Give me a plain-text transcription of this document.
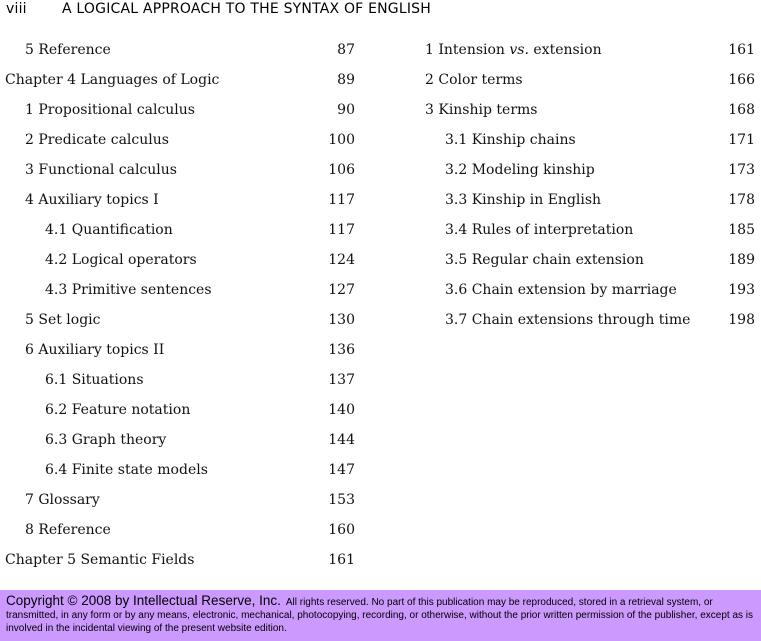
viii	A LOGICAL APPROACH TO THE SYNTAX OF ENGLISH
5 Reference	87
Chapter 4 Languages of Logic	89
1 Propositional calculus	90
2 Predicate calculus	100
3 Functional calculus	106
4 Auxiliary topics I	117
4.1 Quantification	117
4.2 Logical operators	124
4.3 Primitive sentences	127
5 Set logic	130
6 Auxiliary topics II	136
6.1 Situations	137
6.2 Feature notation	140
6.3 Graph theory	144
6.4 Finite state models	147
7 Glossary	153
8 Reference	160
Chapter 5 Semantic Fields	161
1 Intension vs. extension	161
2 Color terms	166
3 Kinship terms	168
3.1 Kinship chains	171
3.2 Modeling kinship	173
3.3 Kinship in English	178
3.4 Rules of interpretation	185
3.5 Regular chain extension	189
3.6 Chain extension by marriage	193
3.7 Chain extensions through time	198
Copyright © 2008 by Intellectual Reserve, Inc. All rights reserved. No part of this publication may be reproduced, stored in a retrieval system, or transmitted, in any form or by any means, electronic, mechanical, photocopying, recording, or otherwise, without the prior written permission of the publisher, except as is involved in the incidental viewing of the present website edition.
